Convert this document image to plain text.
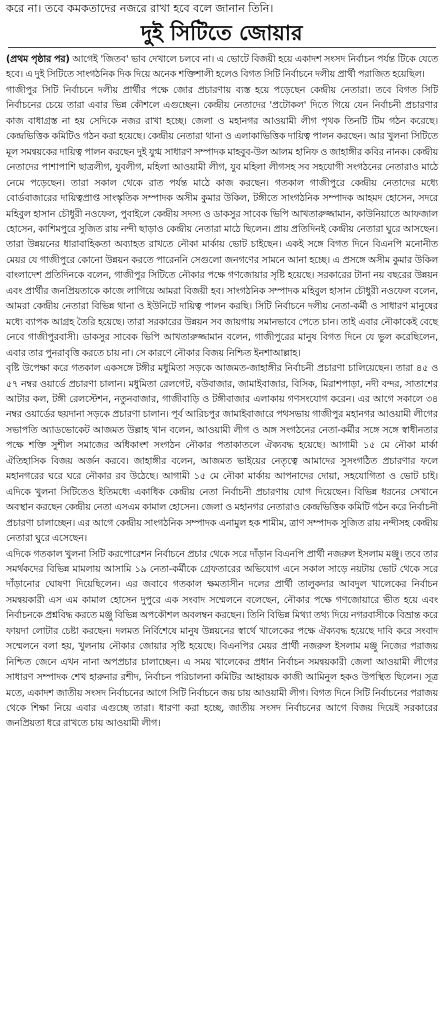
করে না। তবে কমকতাদের নজরে রাখা হবে বলে জানান তিনি।
দুই সিটিতে জোয়ার

(প্রথম পৃষ্ঠার পর) আগেই 'জিতব' ভাব দেখালে চলবে না। এ ভোটে বিজয়ী হয়ে একাদশ সংসদ নির্বাচন পর্যন্ত টিকে যেতে হবে। এ দুই সিটিতে সাংগঠনিক দিক দিয়ে অনেক শক্তিশালী হলেও বিগত সিটি নির্বাচনে দলীয় প্রার্থী পরাজিত হয়েছিল।

গাজীপুর সিটি নির্বাচনে দলীয় প্রার্থীর পক্ষে জোর প্রচারণায় ব্যস্ত হয়ে পড়েছেন কেন্দ্রীয় নেতারা। তবে বিগত সিটি নির্বাচনের চেয়ে তারা এবার ভিন্ন কৌশলে এগুচ্ছেন। কেন্দ্রীয় নেতাদের 'প্রটোকল' দিতে গিয়ে যেন নির্বাচনী প্রচারণার কাজ বাধাগ্রস্ত না হয় সেদিকে নজর রাখা হচ্ছে। জেলা ও মহানগর আওয়ামী লীগ পৃথক তিনটি টিম গঠন করেছে। কেন্দ্রভিত্তিক কমিটিও গঠন করা হয়েছে। কেন্দ্রীয় নেতারা থানা ও এলাকাভিত্তিক দায়িত্ব পালন করছেন। আর খুলনা সিটিতে মূল সমন্বয়কের দায়িত্ব পালন করছেন দুই যুগ্ম সাধারণ সম্পাদক মাহবুব-উল আলম হানিফ ও জাহাঙ্গীর কবির নানক। কেন্দ্রীয় নেতাদের পাশাপাশি ছাত্রলীগ, যুবলীগ, মহিলা আওয়ামী লীগ, যুব মহিলা লীগসহ সব সহযোগী সংগঠনের নেতারাও মাঠে নেমে পড়েছেন। তারা সকাল থেকে রাত পর্যন্ত মাঠে কাজ করছেন। গতকাল গাজীপুরে কেন্দ্রীয় নেতাদের মধ্যে বোর্ডবাজারের দায়িত্বপ্রাপ্ত সাংস্কৃতিক সম্পাদক অসীম কুমার উকিল, টঙ্গীতে সাংগঠনিক সম্পাদক আহমদ হোসেন, সদরে মহিবুল হাসান চৌধুরী নওফেল, পুবাইলে কেন্দ্রীয় সদস্য ও ডাকসুর সাবেক ভিপি আখতারুজ্জামান, কাউনিয়াতে আফজাল হোসেন, কাশিমপুরে সুজিত রায় নন্দী ছাড়াও কেন্দ্রীয় নেতারা মাঠে ছিলেন। প্রায় প্রতিদিনই কেন্দ্রীয় নেতারা ঘুরে আসছেন। তারা উন্নয়নের ধারাবাহিকতা অব্যাহত রাখতে নৌকা মার্কায় ভোট চাইছেন। একই সঙ্গে বিগত দিনে বিএনপি মনোনীত মেয়র যে গাজীপুরে কোনো উন্নয়ন করতে পারেননি সেগুলো জনগণের সামনে আনা হচ্ছে। এ প্রসঙ্গে অসীম কুমার উকিল বাংলাদেশ প্রতিদিনকে বলেন, গাজীপুর সিটিতে নৌকার পক্ষে গণজোয়ার সৃষ্টি হয়েছে। সরকারের টানা নয় বছরের উন্নয়ন এবং প্রার্থীর জনপ্রিয়তাকে কাজে লাগিয়ে আমরা বিজয়ী হব। সাংগঠনিক সম্পাদক মহিবুল হাসান চৌধুরী নওফেল বলেন, আমরা কেন্দ্রীয় নেতারা বিভিন্ন থানা ও ইউনিটে দায়িত্ব পালন করছি। সিটি নির্বাচনে দলীয় নেতা-কর্মী ও সাধারণ মানুষের মধ্যে ব্যাপক আগ্রহ তৈরি হয়েছে। তারা সরকারের উন্নয়ন সব জায়গায় সমানভাবে পেতে চান। তাই এবার নৌকাকেই বেছে নেবে গাজীপুরবাসী। ডাকসুর সাবেক ভিপি আখতারুজ্জামান বলেন, গাজীপুরের মানুষ বিগত দিনে যে ভুল করেছিলেন, এবার তার পুনরাবৃত্তি করতে চায় না। সে কারণে নৌকার বিজয় নিশ্চিত ইনশাআল্লাহ।

বৃষ্টি উপেক্ষা করে গতকাল একসঙ্গে টঙ্গীর মধুমিতা সড়কে আজমত-জাহাঙ্গীর নির্বাচনী প্রচারণা চালিয়েছেন। তারা ৪৫ ও ৫৭ নম্বর ওয়ার্ডে প্রচারণা চালান। মধুমিতা রেলগেট, বউবাজার, জামাইবাজার, বিসিক, মিরাশপাড়া, নদী বন্দর, সাতাশের আটার কল, টঙ্গী রেলস্টেশন, নতুনবাজার, গাজীবাড়ি ও টঙ্গীবাজার এলাকায় গণসংযোগ করেন। এর আগে সকালে ৩৪ নম্বর ওয়ার্ডের ছয়দানা সড়কে প্রচারণা চালান। পূর্ব আরিচপুর জামাইবাজারে পথসভায় গাজীপুর মহানগর আওয়ামী লীগের সভাপতি অ্যাডভোকেট আজমত উল্লাহ খান বলেন, আওয়ামী লীগ ও অঙ্গ সংগঠনের নেতা-কর্মীর সঙ্গে সঙ্গে স্বাধীনতার পক্ষে শক্তি সুশীল সমাজের অধিকাংশ সংগঠন নৌকার পতাকাতলে ঐক্যবদ্ধ হয়েছে। আগামী ১৫ মে নৌকা মার্কা ঐতিহাসিক বিজয় অর্জন করবে। জাহাঙ্গীর বলেন, আজমত ভাইয়ের নেতৃত্বে আমাদের সুসংগঠিত প্রচারণার ফলে মহানগরের ঘরে ঘরে নৌকার রব উঠেছে। আগামী ১৫ মে নৌকা মার্কায় আপনাদের দোয়া, সহযোগিতা ও ভোট চাই। এদিকে খুলনা সিটিতেও ইতিমধ্যে একাধিক কেন্দ্রীয় নেতা নির্বাচনী প্রচারণায় যোগ দিয়েছেন। বিভিন্ন ধরনের সেখানে অবস্থান করছেন কেন্দ্রীয় নেতা এসএম কামাল হোসেন। জেলা ও মহানগর নেতারাও কেন্দ্রভিত্তিক কমিটি গঠন করে নির্বাচনী প্রচারণা চালাচ্ছেন। এর আগে কেন্দ্রীয় সাংগঠনিক সম্পাদক এনামুল হক শামীম, ত্রাণ সম্পাদক সুজিত রায় নন্দীসহ কেন্দ্রীয় নেতারা ঘুরে এসেছেন।

এদিকে গতকাল খুলনা সিটি করপোরেশন নির্বাচনে প্রচার থেকে সরে দাঁড়ান বিএনপি প্রার্থী নজরুল ইসলাম মঞ্জু। তবে তার সমর্থকদের বিভিন্ন মামলায় আসামি ১৯ নেতা-কর্মীকে গ্রেফতারের অভিযোগ এনে সকাল সাড়ে নয়টায় ভোট থেকে সরে দাঁড়ানোর ঘোষণা দিয়েছিলেন। এর জবাবে গতকাল ক্ষমতাসীন দলের প্রার্থী তালুকদার আবদুল খালেকের নির্বাচন সমন্বয়কারী এস এম কামাল হোসেন দুপুরে এক সংবাদ সম্মেলনে বলেছেন, নৌকার পক্ষে গণজোয়ারে ভীত হয়ে এবং নির্বাচনকে প্রশ্নবিদ্ধ করতে মঞ্জু বিভিন্ন অপকৌশল অবলম্বন করছেন। তিনি বিভিন্ন মিথ্যা তথ্য দিয়ে নগরবাসীকে বিভ্রান্ত করে ফায়দা লোটার চেষ্টা করছেন। দলমত নির্বিশেষে মানুষ উন্নয়নের স্বার্থে খালেকের পক্ষে ঐক্যবদ্ধ হয়েছে দাবি করে সংবাদ সম্মেলনে বলা হয়, খুলনায় নৌকার জোয়ার সৃষ্টি হয়েছে। বিএনপির মেয়র প্রার্থী নজরুল ইসলাম মঞ্জু নিজের পরাজয় নিশ্চিত জেনে এখন নানা অপপ্রচার চালাচ্ছেন। এ সময় খালেকের প্রধান নির্বাচন সমন্বয়কারী জেলা আওয়ামী লীগের সাধারণ সম্পাদক শেখ হারুনার রশীদ, নির্বাচন পরিচালনা কমিটির আহ্বায়ক কাজী আমিনুল হকও উপস্থিত ছিলেন। সূত্র মতে, একাদশ জাতীয় সংসদ নির্বাচনের আগে সিটি নির্বাচনে জয় চায় আওয়ামী লীগ। বিগত দিনে সিটি নির্বাচনের পরাজয় থেকে শিক্ষা নিয়ে এবার এগুচ্ছে তারা। ধারণা করা হচ্ছে, জাতীয় সংসদ নির্বাচনের আগে বিজয় দিয়েই সরকারের জনপ্রিয়তা ধরে রাখতে চায় আওয়ামী লীগ।
